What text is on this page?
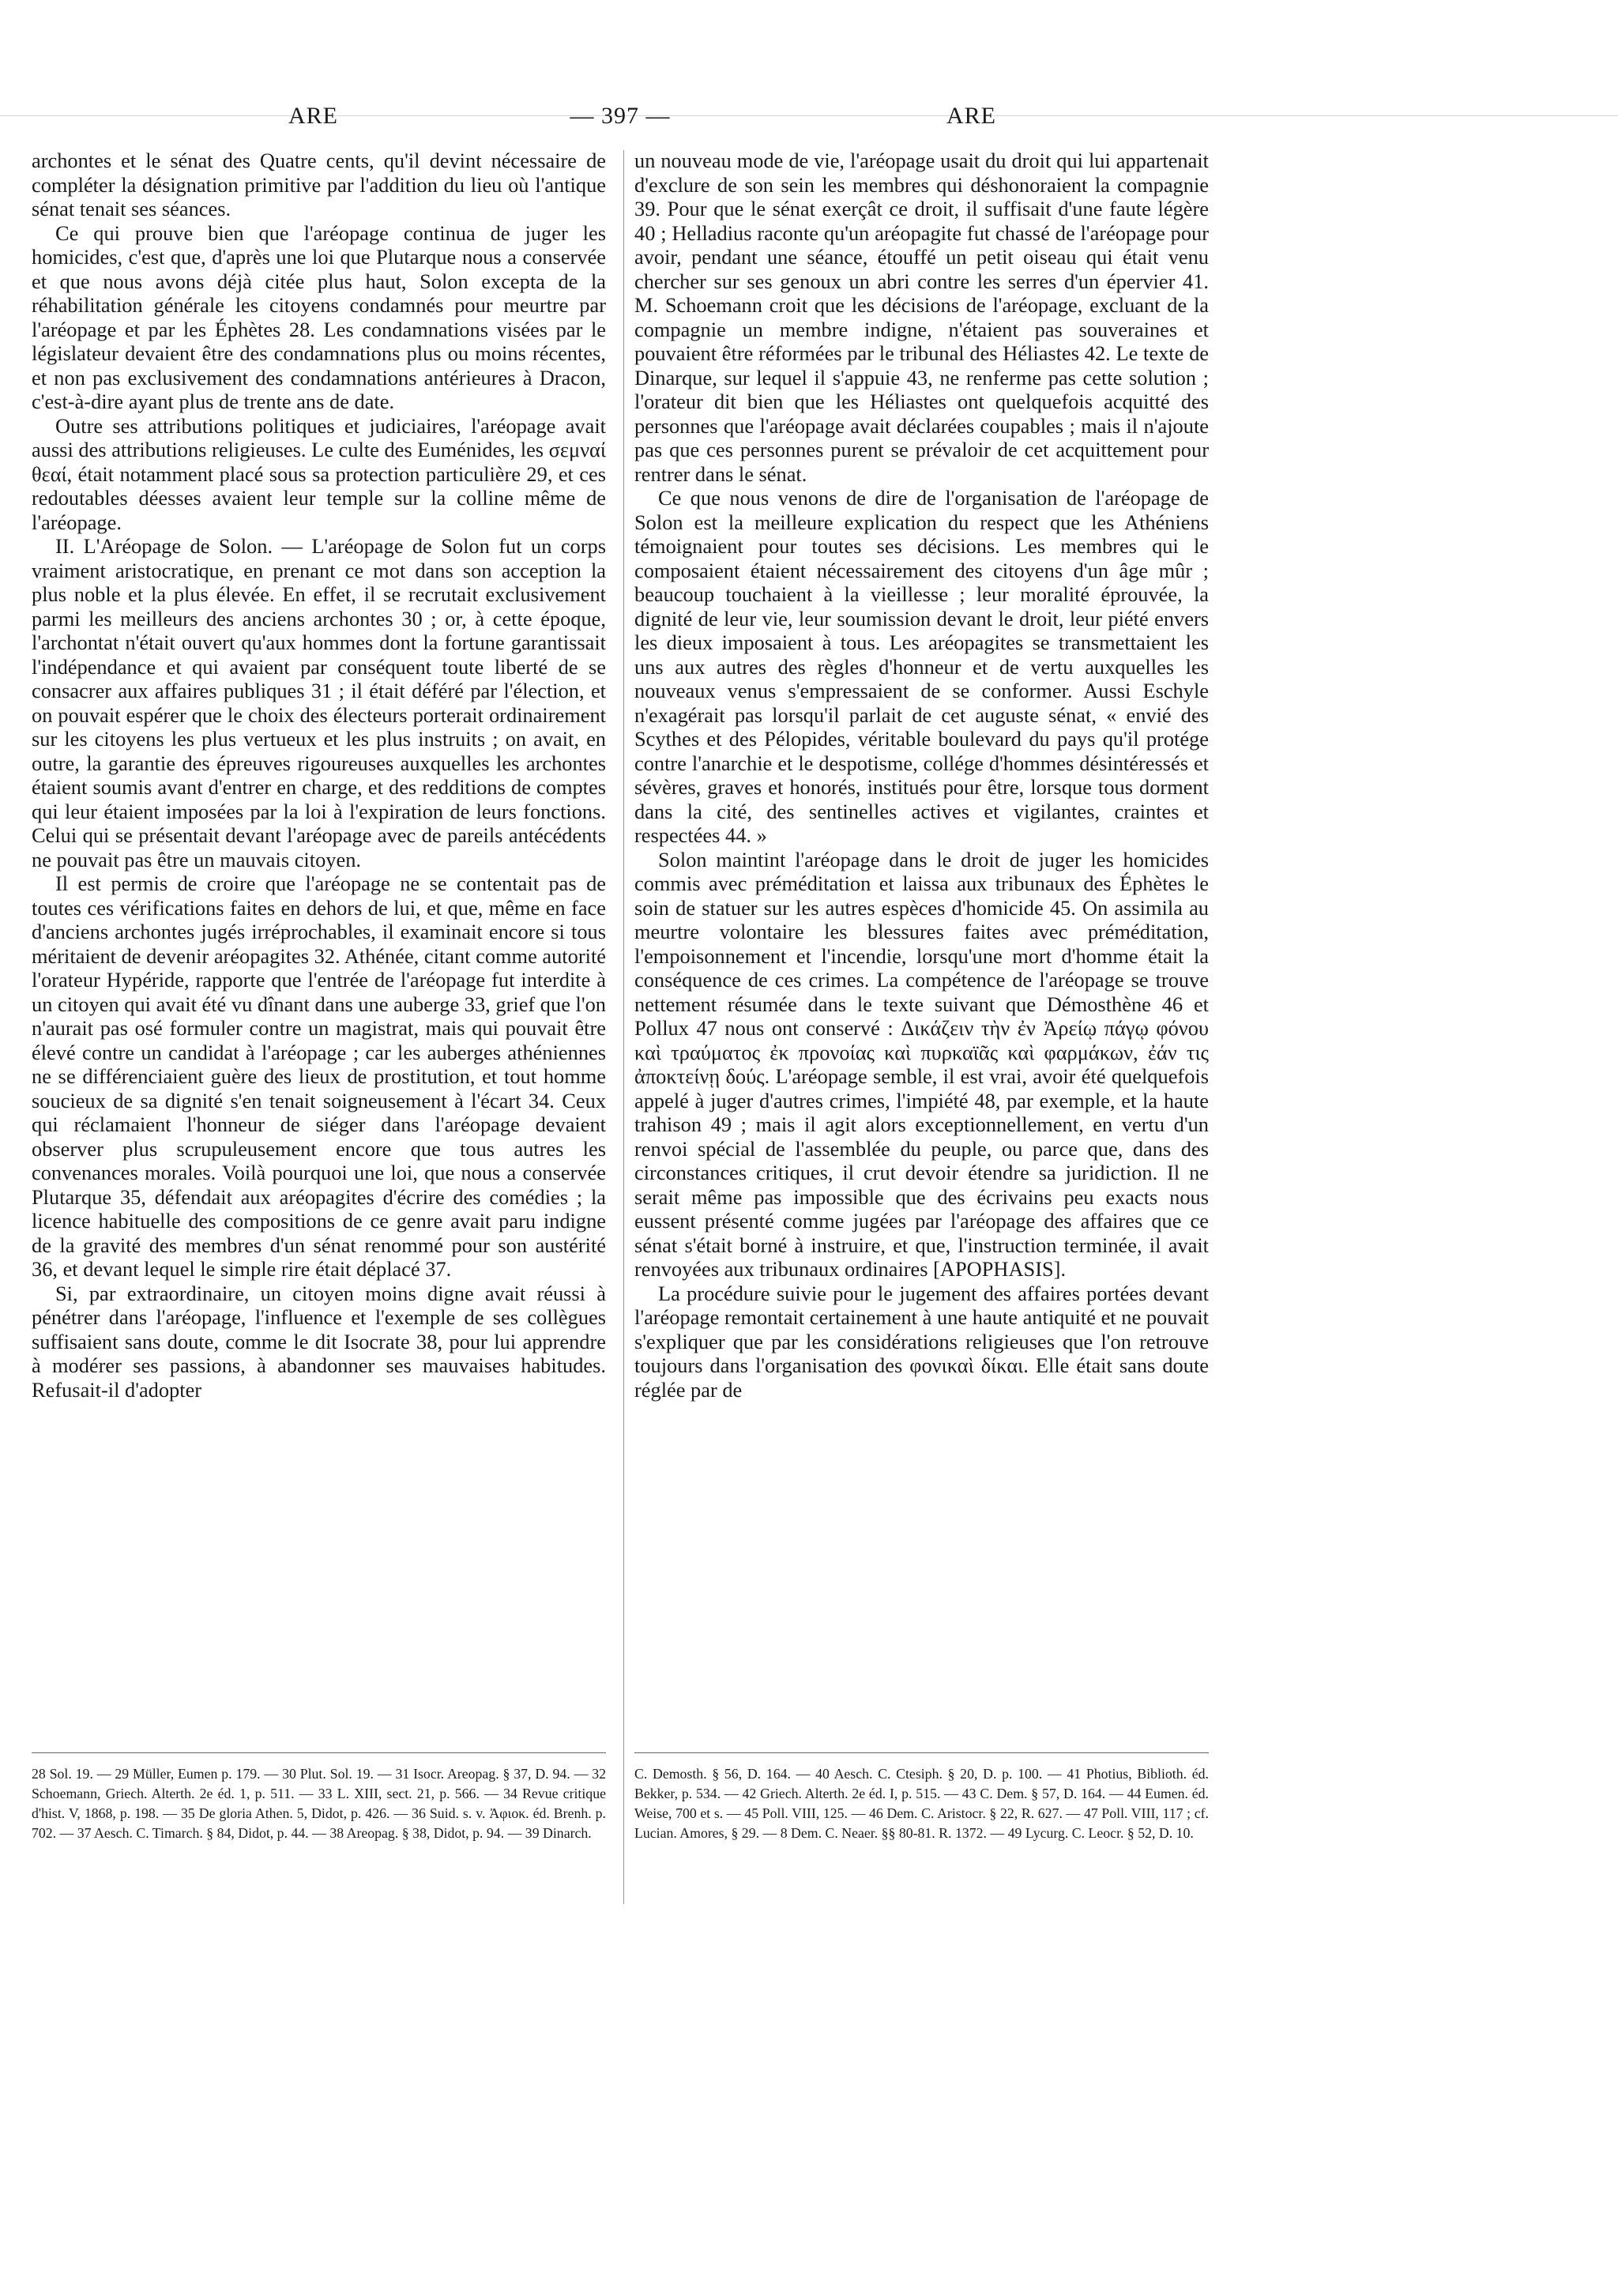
— 397 —
ARE	ARE

archontes et le sénat des Quatre cents, qu'il devint nécessaire de compléter la désignation primitive par l'addition du lieu où l'antique sénat tenait ses séances.

Ce qui prouve bien que l'aréopage continua de juger les homicides, c'est que, d'après une loi que Plutarque nous a conservée et que nous avons déjà citée plus haut, Solon excepta de la réhabilitation générale les citoyens condamnés pour meurtre par l'aréopage et par les Éphètes 28. Les condamnations visées par le législateur devaient être des condamnations plus ou moins récentes, et non pas exclusivement des condamnations antérieures à Dracon, c'est-à-dire ayant plus de trente ans de date.

Outre ses attributions politiques et judiciaires, l'aréopage avait aussi des attributions religieuses. Le culte des Euménides, les σεμναί θεαί, était notamment placé sous sa protection particulière 29, et ces redoutables déesses avaient leur temple sur la colline même de l'aréopage.

II. L'Aréopage de Solon. — L'aréopage de Solon fut un corps vraiment aristocratique, en prenant ce mot dans son acception la plus noble et la plus élevée. En effet, il se recrutait exclusivement parmi les meilleurs des anciens archontes 30 ; or, à cette époque, l'archontat n'était ouvert qu'aux hommes dont la fortune garantissait l'indépendance et qui avaient par conséquent toute liberté de se consacrer aux affaires publiques 31 ; il était déféré par l'élection, et on pouvait espérer que le choix des électeurs porterait ordinairement sur les citoyens les plus vertueux et les plus instruits ; on avait, en outre, la garantie des épreuves rigoureuses auxquelles les archontes étaient soumis avant d'entrer en charge, et des redditions de comptes qui leur étaient imposées par la loi à l'expiration de leurs fonctions. Celui qui se présentait devant l'aréopage avec de pareils antécédents ne pouvait pas être un mauvais citoyen.

Il est permis de croire que l'aréopage ne se contentait pas de toutes ces vérifications faites en dehors de lui, et que, même en face d'anciens archontes jugés irréprochables, il examinait encore si tous méritaient de devenir aréopagites 32. Athénée, citant comme autorité l'orateur Hypéride, rapporte que l'entrée de l'aréopage fut interdite à un citoyen qui avait été vu dînant dans une auberge 33, grief que l'on n'aurait pas osé formuler contre un magistrat, mais qui pouvait être élevé contre un candidat à l'aréopage ; car les auberges athéniennes ne se différenciaient guère des lieux de prostitution, et tout homme soucieux de sa dignité s'en tenait soigneusement à l'écart 34. Ceux qui réclamaient l'honneur de siéger dans l'aréopage devaient observer plus scrupuleusement encore que tous autres les convenances morales. Voilà pourquoi une loi, que nous a conservée Plutarque 35, défendait aux aréopagites d'écrire des comédies ; la licence habituelle des compositions de ce genre avait paru indigne de la gravité des membres d'un sénat renommé pour son austérité 36, et devant lequel le simple rire était déplacé 37.

Si, par extraordinaire, un citoyen moins digne avait réussi à pénétrer dans l'aréopage, l'influence et l'exemple de ses collègues suffisaient sans doute, comme le dit Isocrate 38, pour lui apprendre à modérer ses passions, à abandonner ses mauvaises habitudes. Refusait-il d'adopter

un nouveau mode de vie, l'aréopage usait du droit qui lui appartenait d'exclure de son sein les membres qui déshonoraient la compagnie 39. Pour que le sénat exerçât ce droit, il suffisait d'une faute légère 40 ; Helladius raconte qu'un aréopagite fut chassé de l'aréopage pour avoir, pendant une séance, étouffé un petit oiseau qui était venu chercher sur ses genoux un abri contre les serres d'un épervier 41. M. Schoemann croit que les décisions de l'aréopage, excluant de la compagnie un membre indigne, n'étaient pas souveraines et pouvaient être réformées par le tribunal des Héliastes 42. Le texte de Dinarque, sur lequel il s'appuie 43, ne renferme pas cette solution ; l'orateur dit bien que les Héliastes ont quelquefois acquitté des personnes que l'aréopage avait déclarées coupables ; mais il n'ajoute pas que ces personnes purent se prévaloir de cet acquittement pour rentrer dans le sénat.

Ce que nous venons de dire de l'organisation de l'aréopage de Solon est la meilleure explication du respect que les Athéniens témoignaient pour toutes ses décisions. Les membres qui le composaient étaient nécessairement des citoyens d'un âge mûr ; beaucoup touchaient à la vieillesse ; leur moralité éprouvée, la dignité de leur vie, leur soumission devant le droit, leur piété envers les dieux imposaient à tous. Les aréopagites se transmettaient les uns aux autres des règles d'honneur et de vertu auxquelles les nouveaux venus s'empressaient de se conformer. Aussi Eschyle n'exagérait pas lorsqu'il parlait de cet auguste sénat, « envié des Scythes et des Pélopides, véritable boulevard du pays qu'il protége contre l'anarchie et le despotisme, collége d'hommes désintéressés et sévères, graves et honorés, institués pour être, lorsque tous dorment dans la cité, des sentinelles actives et vigilantes, craintes et respectées 44. »

Solon maintint l'aréopage dans le droit de juger les homicides commis avec préméditation et laissa aux tribunaux des Éphètes le soin de statuer sur les autres espèces d'homicide 45. On assimila au meurtre volontaire les blessures faites avec préméditation, l'empoisonnement et l'incendie, lorsqu'une mort d'homme était la conséquence de ces crimes. La compétence de l'aréopage se trouve nettement résumée dans le texte suivant que Démosthène 46 et Pollux 47 nous ont conservé : Δικάζειν τὴν ἐν Ἀρείῳ πάγῳ φόνου καὶ τραύματος ἐκ προνοίας καὶ πυρκαϊᾶς καὶ φαρμάκων, ἐάν τις ἀποκτείνῃ δούς. L'aréopage semble, il est vrai, avoir été quelquefois appelé à juger d'autres crimes, l'impiété 48, par exemple, et la haute trahison 49 ; mais il agit alors exceptionnellement, en vertu d'un renvoi spécial de l'assemblée du peuple, ou parce que, dans des circonstances critiques, il crut devoir étendre sa juridiction. Il ne serait même pas impossible que des écrivains peu exacts nous eussent présenté comme jugées par l'aréopage des affaires que ce sénat s'était borné à instruire, et que, l'instruction terminée, il avait renvoyées aux tribunaux ordinaires [APOPHASIS].

La procédure suivie pour le jugement des affaires portées devant l'aréopage remontait certainement à une haute antiquité et ne pouvait s'expliquer que par les considérations religieuses que l'on retrouve toujours dans l'organisation des φονικαὶ δίκαι. Elle était sans doute réglée par de

28 Sol. 19. — 29 Müller, Eumen p. 179. — 30 Plut. Sol. 19. — 31 Isocr. Areopag. § 37, D. 94. — 32 Schoemann, Griech. Alterth. 2e éd. 1, p. 511. — 33 L. XIII, sect. 21, p. 566. — 34 Revue critique d'hist. V, 1868, p. 198. — 35 De gloria Athen. 5, Didot, p. 426. — 36 Suid. s. v. Ἀφιοκ. éd. Brenh. p. 702. — 37 Aesch. C. Timarch. § 84, Didot, p. 44. — 38 Areopag. § 38, Didot, p. 94. — 39 Dinarch.
C. Demosth. § 56, D. 164. — 40 Aesch. C. Ctesiph. § 20, D. p. 100. — 41 Photius, Biblioth. éd. Bekker, p. 534. — 42 Griech. Alterth. 2e éd. I, p. 515. — 43 C. Dem. § 57, D. 164. — 44 Eumen. éd. Weise, 700 et s. — 45 Poll. VIII, 125. — 46 Dem. C. Aristocr. § 22, R. 627. — 47 Poll. VIII, 117 ; cf. Lucian. Amores, § 29. — 8 Dem. C. Neaer. §§ 80-81. R. 1372. — 49 Lycurg. C. Leocr. § 52, D. 10.
